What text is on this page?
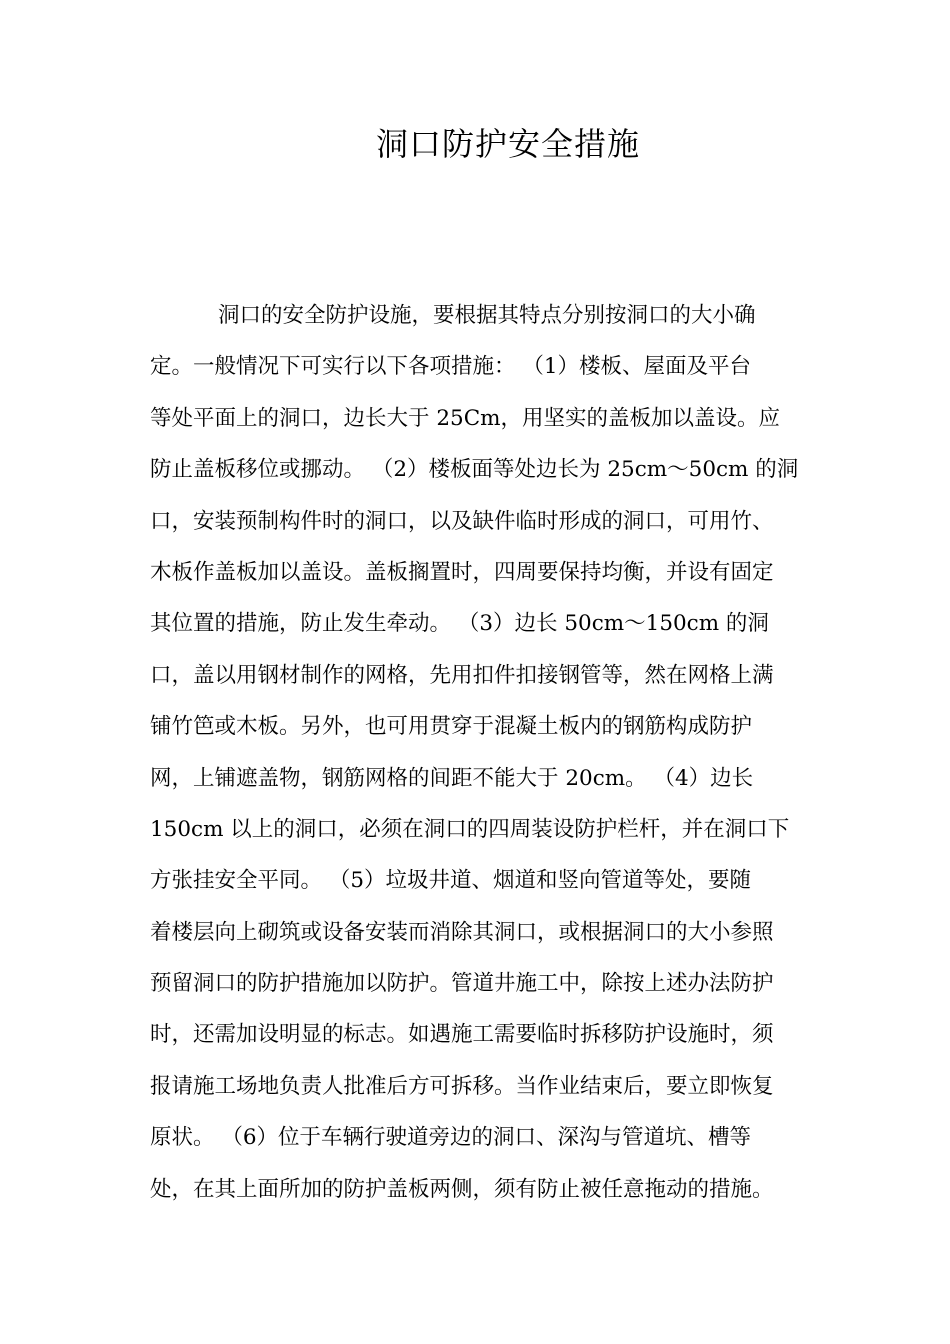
洞口防护安全措施
洞口的安全防护设施，要根据其特点分别按洞口的大小确
定。一般情况下可实行以下各项措施： （1）楼板、屋面及平台
等处平面上的洞口，边长大于 25Cm，用坚实的盖板加以盖设。应
防止盖板移位或挪动。 （2）楼板面等处边长为 25cm～50cm 的洞
口，安装预制构件时的洞口，以及缺件临时形成的洞口，可用竹、
木板作盖板加以盖设。盖板搁置时，四周要保持均衡，并设有固定
其位置的措施，防止发生牵动。 （3）边长 50cm～150cm 的洞
口，盖以用钢材制作的网格，先用扣件扣接钢管等，然在网格上满
铺竹笆或木板。另外，也可用贯穿于混凝土板内的钢筋构成防护
网，上铺遮盖物，钢筋网格的间距不能大于 20cm。 （4）边长
150cm 以上的洞口，必须在洞口的四周装设防护栏杆，并在洞口下
方张挂安全平同。 （5）垃圾井道、烟道和竖向管道等处，要随
着楼层向上砌筑或设备安装而消除其洞口，或根据洞口的大小参照
预留洞口的防护措施加以防护。管道井施工中，除按上述办法防护
时，还需加设明显的标志。如遇施工需要临时拆移防护设施时，须
报请施工场地负责人批准后方可拆移。当作业结束后，要立即恢复
原状。 （6）位于车辆行驶道旁边的洞口、深沟与管道坑、槽等
处，在其上面所加的防护盖板两侧，须有防止被任意拖动的措施。
